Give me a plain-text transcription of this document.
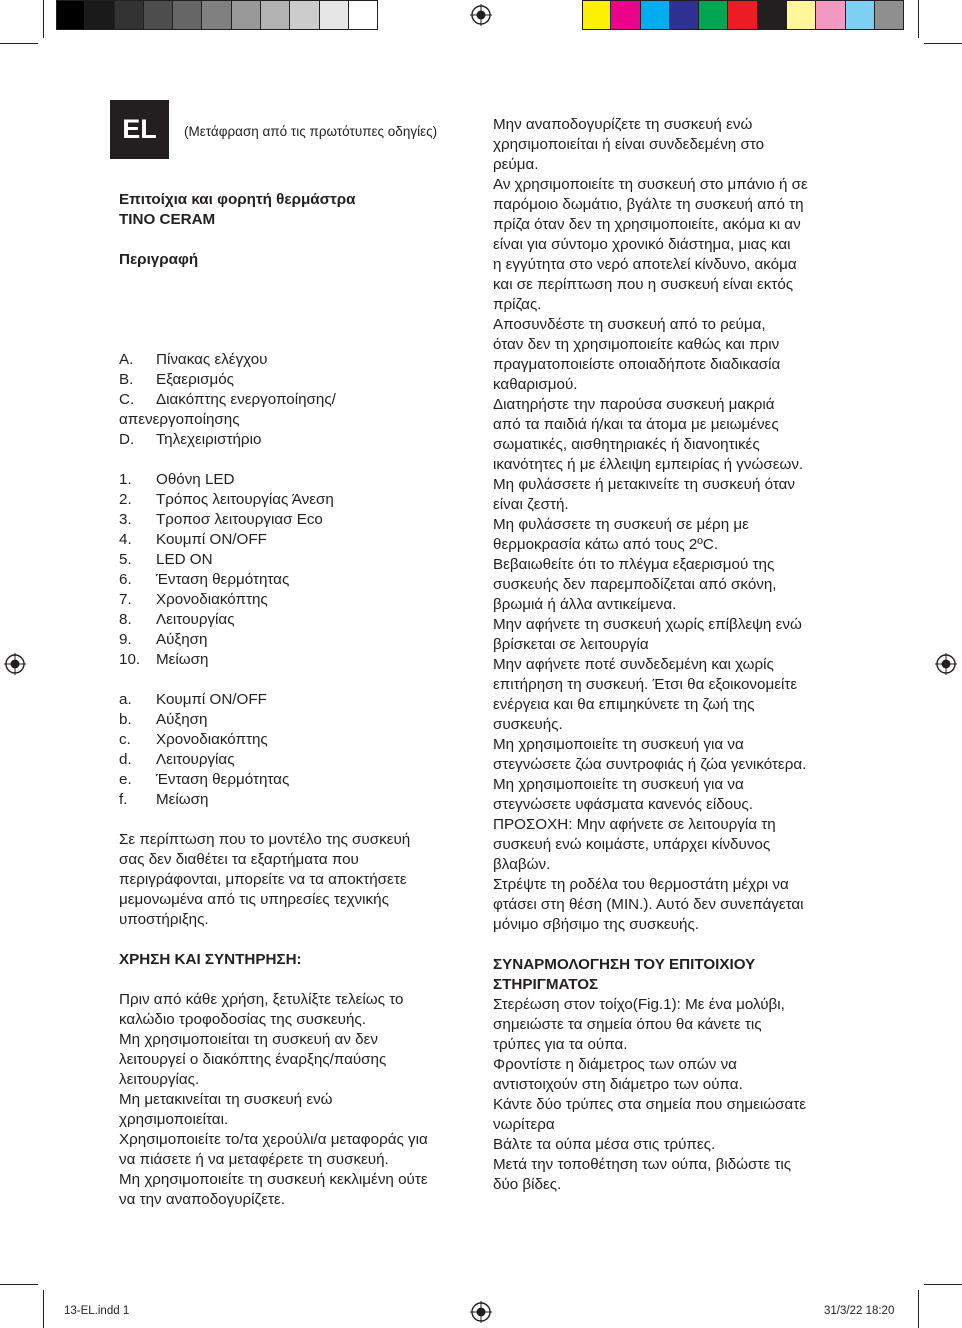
EL	(Μετάφραση από τις πρωτότυπες οδηγίες)

Επιτοίχια και φορητή θερμάστρα

TINO CERAM

Περιγραφή

A.	Πίνακας ελέγχου
B.	Εξαερισμός
C.	Διακόπτης ενεργοποίησης/
απενεργοποίησης
D.	Τηλεχειριστήριο
1.	Οθόνη LED
2.	Τρόπος λειτουργίας Άνεση
3.	Τροποσ λειτουργιασ Eco
4.	Κουμπί ON/OFF
5.	LED ON
6.	Ένταση θερμότητας
7.	Χρονοδιακόπτης
8.	Λειτουργίας
9.	Αύξηση
10.	Μείωση
a.	Κουμπί ON/OFF
b.	Αύξηση
c.	Χρονοδιακόπτης
d.	Λειτουργίας
e.	Ένταση θερμότητας
f.	Μείωση

Σε περίπτωση που το μοντέλο της συσκευή

σας δεν διαθέτει τα εξαρτήματα που

περιγράφονται, μπορείτε να τα αποκτήσετε

μεμονωμένα από τις υπηρεσίες τεχνικής

υποστήριξης.

ΧΡΗΣΗ ΚΑΙ ΣΥΝΤΗΡΗΣΗ:

Πριν από κάθε χρήση, ξετυλίξτε τελείως το

καλώδιο τροφοδοσίας της συσκευής.

Μη χρησιμοποιείται τη συσκευή αν δεν

λειτουργεί ο διακόπτης έναρξης/παύσης

λειτουργίας.

Μη μετακινείται τη συσκευή ενώ

χρησιμοποιείται.

Χρησιμοποιείτε το/τα χερούλι/α μεταφοράς για

να πιάσετε ή να μεταφέρετε τη συσκευή.

Μη χρησιμοποιείτε τη συσκευή κεκλιμένη ούτε

να την αναποδογυρίζετε.

Μην αναποδογυρίζετε τη συσκευή ενώ

χρησιμοποιείται ή είναι συνδεδεμένη στο

ρεύμα.

Αν χρησιμοποιείτε τη συσκευή στο μπάνιο ή σε

παρόμοιο δωμάτιο, βγάλτε τη συσκευή από τη

πρίζα όταν δεν τη χρησιμοποιείτε, ακόμα κι αν

είναι για σύντομο χρονικό διάστημα, μιας και

η εγγύτητα στο νερό αποτελεί κίνδυνο, ακόμα

και σε περίπτωση που η συσκευή είναι εκτός

πρίζας.

Αποσυνδέστε τη συσκευή από το ρεύμα,

όταν δεν τη χρησιμοποιείτε καθώς και πριν

πραγματοποιείστε οποιαδήποτε διαδικασία

καθαρισμού.

Διατηρήστε την παρούσα συσκευή μακριά

από τα παιδιά ή/και τα άτομα με μειωμένες

σωματικές, αισθητηριακές ή διανοητικές

ικανότητες ή με έλλειψη εμπειρίας ή γνώσεων.

Μη φυλάσσετε ή μετακινείτε τη συσκευή όταν

είναι ζεστή.

Μη φυλάσσετε τη συσκευή σε μέρη με

θερμοκρασία κάτω από τους 2ºC.

Βεβαιωθείτε ότι το πλέγμα εξαερισμού της

συσκευής δεν παρεμποδίζεται από σκόνη,

βρωμιά ή άλλα αντικείμενα.

Μην αφήνετε τη συσκευή χωρίς επίβλεψη ενώ

βρίσκεται σε λειτουργία

Μην αφήνετε ποτέ συνδεδεμένη και χωρίς

επιτήρηση τη συσκευή. Έτσι θα εξοικονομείτε

ενέργεια και θα επιμηκύνετε τη ζωή της

συσκευής.

Μη χρησιμοποιείτε τη συσκευή για να

στεγνώσετε ζώα συντροφιάς ή ζώα γενικότερα.

Μη χρησιμοποιείτε τη συσκευή για να

στεγνώσετε υφάσματα κανενός είδους.

ΠΡΟΣΟΧΗ: Μην αφήνετε σε λειτουργία τη

συσκευή ενώ κοιμάστε, υπάρχει κίνδυνος

βλαβών.

Στρέψτε τη ροδέλα του θερμοστάτη μέχρι να

φτάσει στη θέση (MIN.). Αυτό δεν συνεπάγεται

μόνιμο σβήσιμο της συσκευής.

ΣΥΝΑΡΜΟΛΟΓΗΣΗ ΤΟΥ ΕΠΙΤΟΙΧΙΟΥ

ΣΤΗΡΙΓΜΑΤΟΣ

Στερέωση στον τοίχο(Fig.1): Με ένα μολύβι,

σημειώστε τα σημεία όπου θα κάνετε τις

τρύπες για τα ούπα.

Φροντίστε η διάμετρος των οπών να

αντιστοιχούν στη διάμετρο των ούπα.

Κάντε δύο τρύπες στα σημεία που σημειώσατε

νωρίτερα

Βάλτε τα ούπα μέσα στις τρύπες.

Μετά την τοποθέτηση των ούπα, βιδώστε τις

δύο βίδες.

13-EL.indd 1	31/3/22 18:20
